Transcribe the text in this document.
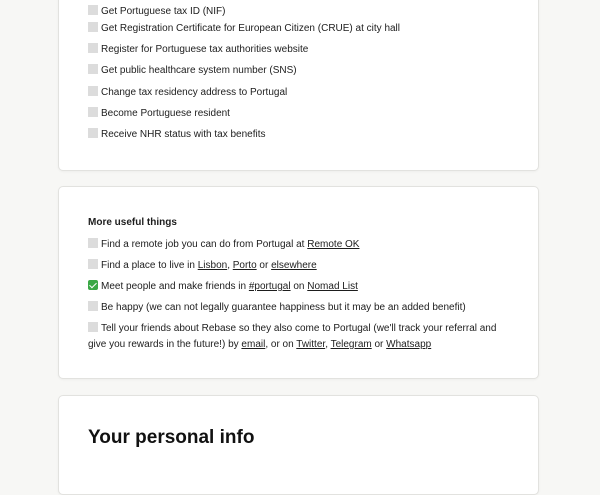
Get Portuguese tax ID (NIF)
Get Registration Certificate for European Citizen (CRUE) at city hall
Register for Portuguese tax authorities website
Get public healthcare system number (SNS)
Change tax residency address to Portugal
Become Portuguese resident
Receive NHR status with tax benefits
More useful things
Find a remote job you can do from Portugal at Remote OK
Find a place to live in Lisbon, Porto or elsewhere
Meet people and make friends in #portugal on Nomad List
Be happy (we can not legally guarantee happiness but it may be an added benefit)
Tell your friends about Rebase so they also come to Portugal (we'll track your referral and give you rewards in the future!) by email, or on Twitter, Telegram or Whatsapp
Your personal info
